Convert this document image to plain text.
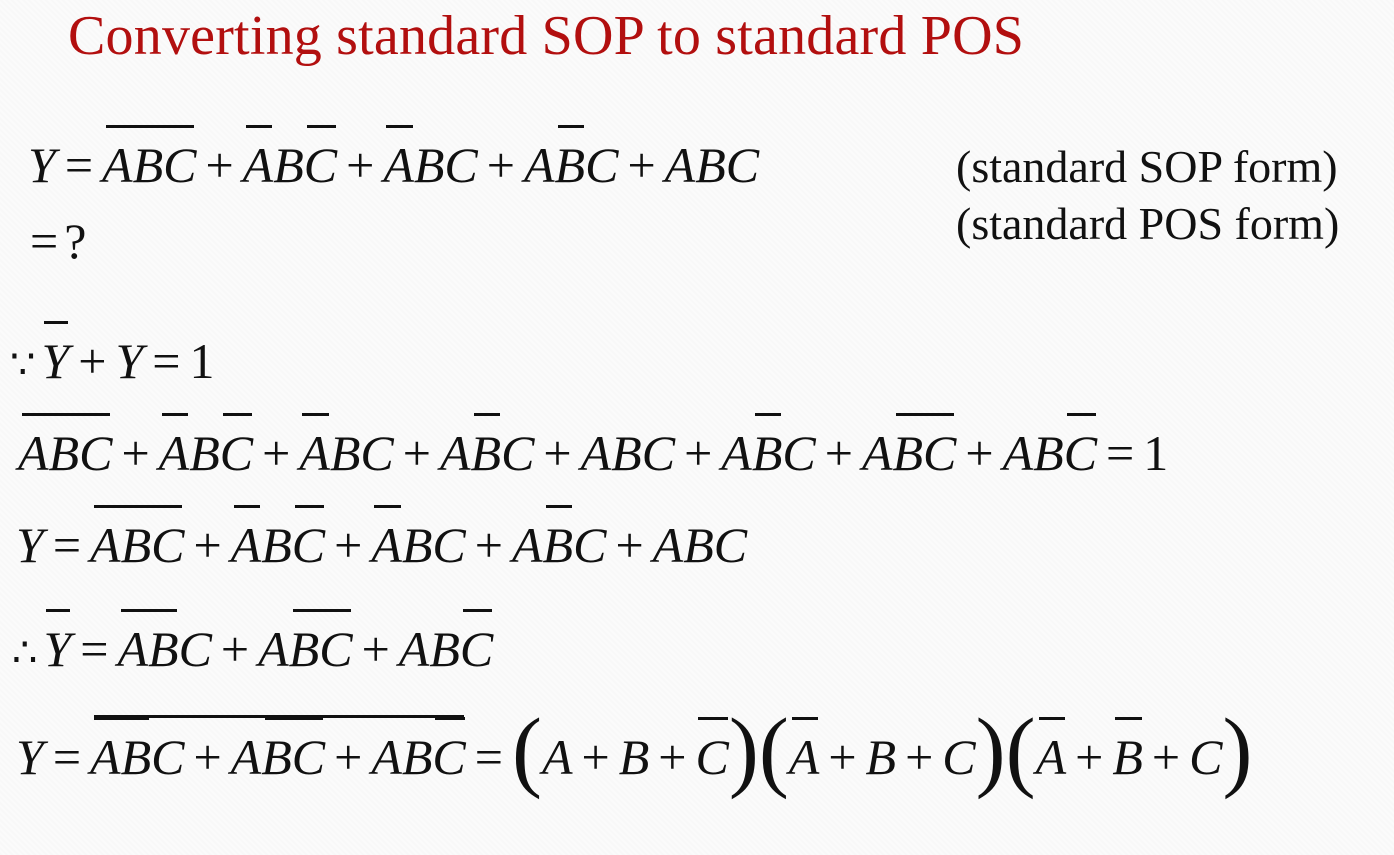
Converting standard SOP to standard POS
Y = ABC + ABC + ABC + ABC + ABC	(standard SOP form)
= ?	(standard POS form)
∵ Y + Y = 1
ABC + ABC + ABC + ABC + ABC + ABC + ABC + ABC = 1
Y = ABC + ABC + ABC + ABC + ABC
∴ Y = ABC + ABC + ABC
Y = ABC + ABC + ABC = (A + B + C)(A + B + C)(A + B + C)
